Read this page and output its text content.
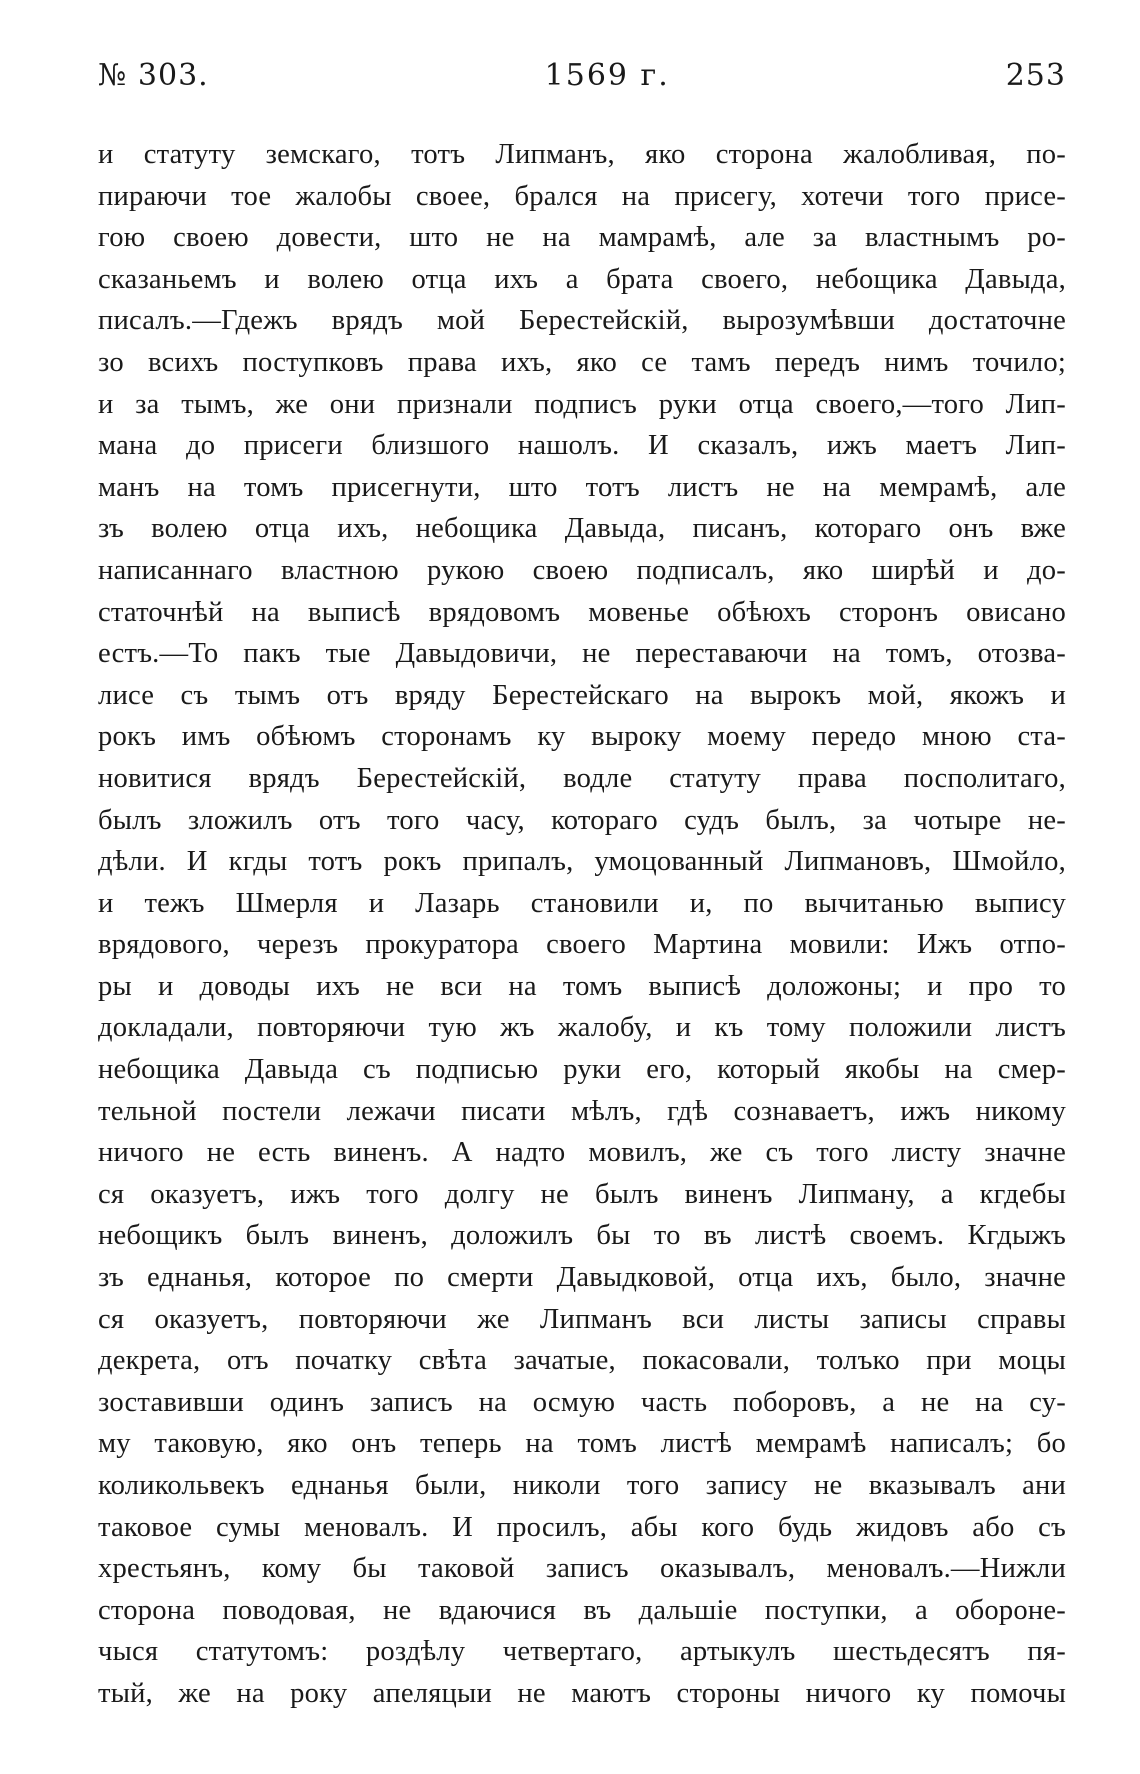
№ 303.	1569 г.	253
и статуту земскаго, тотъ Липманъ, яко сторона жалобливая, по-
пираючи тое жалобы своее, брался на присегу, хотечи того присе-
гою своею довести, што не на мамрамѣ, але за властнымъ ро-
сказаньемъ и волею отца ихъ а брата своего, небощика Давыда,
писалъ.—Гдежъ врядъ мой Берестейскій, вырозумѣвши достаточне
зо всихъ поступковъ права ихъ, яко се тамъ передъ нимъ точило;
и за тымъ, же они признали подписъ руки отца своего,—того Лип-
мана до присеги близшого нашолъ. И сказалъ, ижъ маетъ Лип-
манъ на томъ присегнути, што тотъ листъ не на мемрамѣ, але
зъ волею отца ихъ, небощика Давыда, писанъ, котораго онъ вже
написаннаго властною рукою своею подписалъ, яко ширѣй и до-
статочнѣй на выписѣ врядовомъ мовенье обѣюхъ сторонъ овисано
естъ.—То пакъ тые Давыдовичи, не переставаючи на томъ, отозва-
лисе съ тымъ отъ вряду Берестейскаго на вырокъ мой, якожъ и
рокъ имъ обѣюмъ сторонамъ ку выроку моему передо мною ста-
новитися врядъ Берестейскій, водле статуту права посполитаго,
былъ зложилъ отъ того часу, котораго судъ былъ, за чотыре не-
дѣли. И кгды тотъ рокъ припалъ, умоцованный Липмановъ, Шмойло,
и тежъ Шмерля и Лазарь становили и, по вычитанью выпису
врядового, черезъ прокуратора своего Мартина мовили: Ижъ отпо-
ры и доводы ихъ не вси на томъ выписѣ доложоны; и про то
докладали, повторяючи тую жъ жалобу, и къ тому положили листъ
небощика Давыда съ подписью руки его, который якобы на смер-
тельной постели лежачи писати мѣлъ, гдѣ сознаваетъ, ижъ никому
ничого не есть виненъ. А надто мовилъ, же съ того листу значне
ся оказуетъ, ижъ того долгу не былъ виненъ Липману, а кгдебы
небощикъ былъ виненъ, доложилъ бы то въ листѣ своемъ. Кгдыжъ
зъ еднанья, которое по смерти Давыдковой, отца ихъ, было, значне
ся оказуетъ, повторяючи же Липманъ вси листы записы справы
декрета, отъ початку свѣта зачатые, покасовали, толъко при моцы
зоставивши одинъ записъ на осмую часть поборовъ, а не на су-
му таковую, яко онъ теперь на томъ листѣ мемрамѣ написалъ; бо
коликольвекъ еднанья были, николи того запису не вказывалъ ани
таковое сумы меновалъ. И просилъ, абы кого будь жидовъ або съ
хрестьянъ, кому бы таковой записъ оказывалъ, меновалъ.—Нижли
сторона поводовая, не вдаючися въ дальшіе поступки, а обороне-
чыся статутомъ: роздѣлу четвертаго, артыкулъ шестьдесятъ пя-
тый, же на року апеляцыи не маютъ стороны ничого ку помочы
